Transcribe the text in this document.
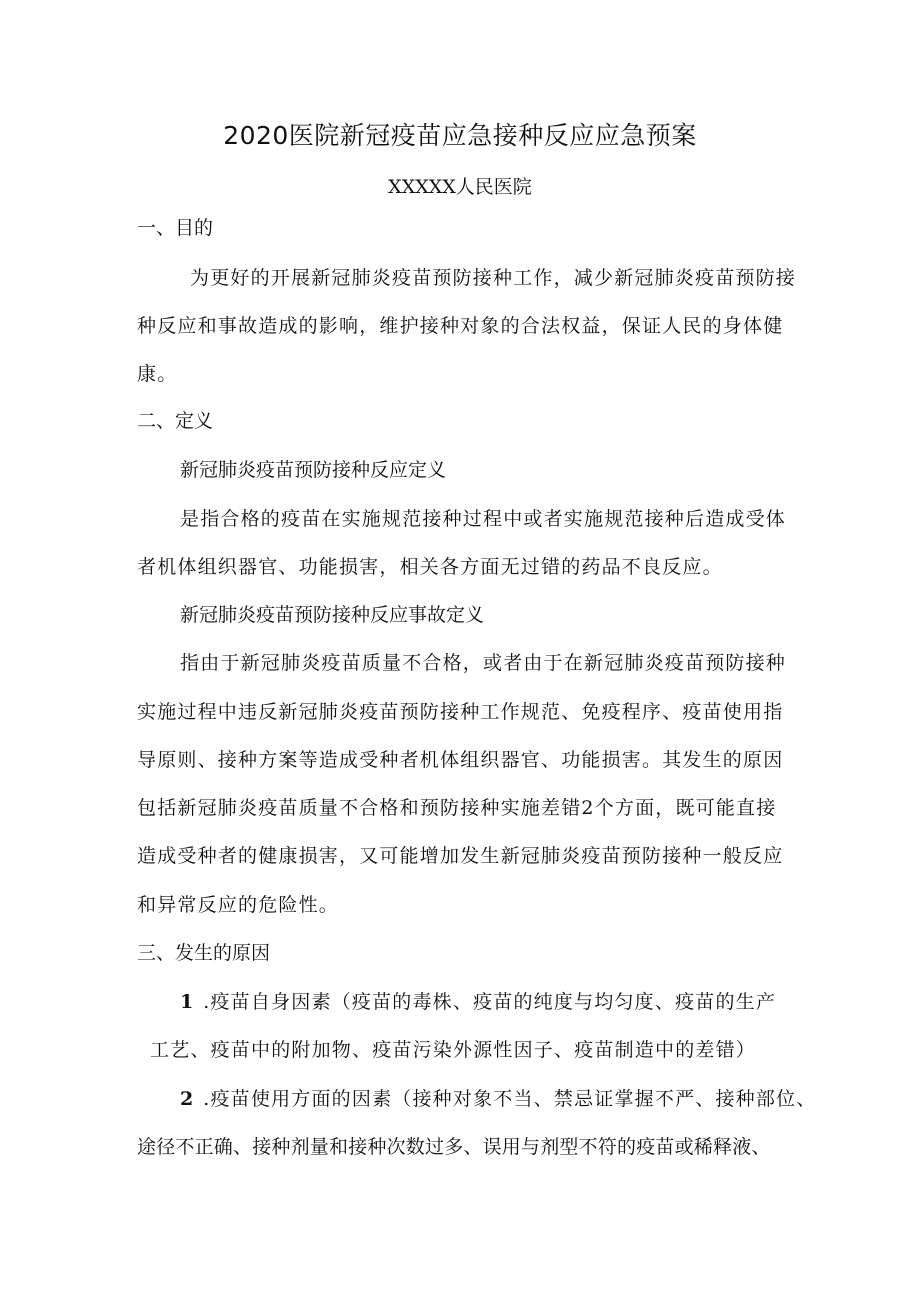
2020医院新冠疫苗应急接种反应应急预案
XXXXX人民医院
一、目的
为更好的开展新冠肺炎疫苗预防接种工作，减少新冠肺炎疫苗预防接
种反应和事故造成的影响，维护接种对象的合法权益，保证人民的身体健
康。
二、定义
新冠肺炎疫苗预防接种反应定义
是指合格的疫苗在实施规范接种过程中或者实施规范接种后造成受体
者机体组织器官、功能损害，相关各方面无过错的药品不良反应。
新冠肺炎疫苗预防接种反应事故定义
指由于新冠肺炎疫苗质量不合格，或者由于在新冠肺炎疫苗预防接种
实施过程中违反新冠肺炎疫苗预防接种工作规范、免疫程序、疫苗使用指
导原则、接种方案等造成受种者机体组织器官、功能损害。其发生的原因
包括新冠肺炎疫苗质量不合格和预防接种实施差错2个方面，既可能直接
造成受种者的健康损害，又可能增加发生新冠肺炎疫苗预防接种一般反应
和异常反应的危险性。
三、发生的原因
1 .疫苗自身因素（疫苗的毒株、疫苗的纯度与均匀度、疫苗的生产
工艺、疫苗中的附加物、疫苗污染外源性因子、疫苗制造中的差错）
2 .疫苗使用方面的因素（接种对象不当、禁忌证掌握不严、接种部位、
途径不正确、接种剂量和接种次数过多、误用与剂型不符的疫苗或稀释液、
